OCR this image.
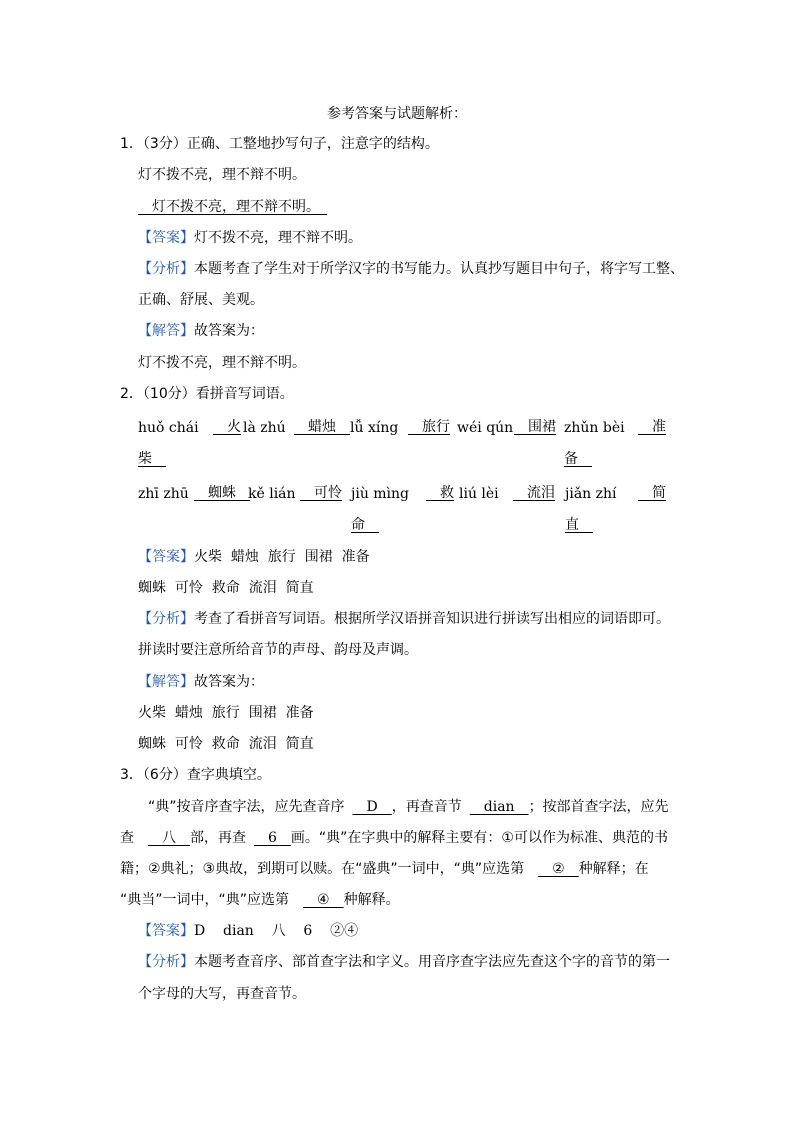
参考答案与试题解析：
1．（3分）正确、工整地抄写句子，注意字的结构。
灯不拨不亮，理不辩不明。
　灯不拨不亮，理不辩不明。　
【答案】灯不拨不亮，理不辩不明。
【分析】本题考查了学生对于所学汉字的书写能力。认真抄写题目中句子，将字写工整、
正确、舒展、美观。
【解答】故答案为：
灯不拨不亮，理不辩不明。
2．（10分）看拼音写词语。
huǒ chái
　	火 là zhú
　	蜡烛　	lǚ xíng
　	旅行 wéi qún
　	围裙 zhǔn bèi
　	准
柴　	备　
zhī zhū
　	蜘蛛　 kě lián
　	可怜 jiù mìng
　	救 liú lèi
　	流泪 jiǎn zhí
　	简
命　	直　
【答案】火柴  蜡烛  旅行  围裙  准备
蜘蛛  可怜  救命  流泪  简直
【分析】考查了看拼音写词语。根据所学汉语拼音知识进行拼读写出相应的词语即可。
拼读时要注意所给音节的声母、韵母及声调。
【解答】故答案为：
火柴  蜡烛  旅行  围裙  准备
蜘蛛  可怜  救命  流泪  简直
3．（6分）查字典填空。
“典”按音序查字法，应先查音序　D　，再查音节　dian　；按部首查字法，应先
查　八　部，再查　6　画。“典”在字典中的解释主要有：①可以作为标准、典范的书
籍；②典礼；③典故，到期可以赎。在“盛典”一词中，“典”应选第　②　种解释；在
“典当”一词中，“典”应选第　④　种解释。
【答案】D    dian    八    6    ②④
【分析】本题考查音序、部首查字法和字义。用音序查字法应先查这个字的音节的第一
个字母的大写，再查音节。
